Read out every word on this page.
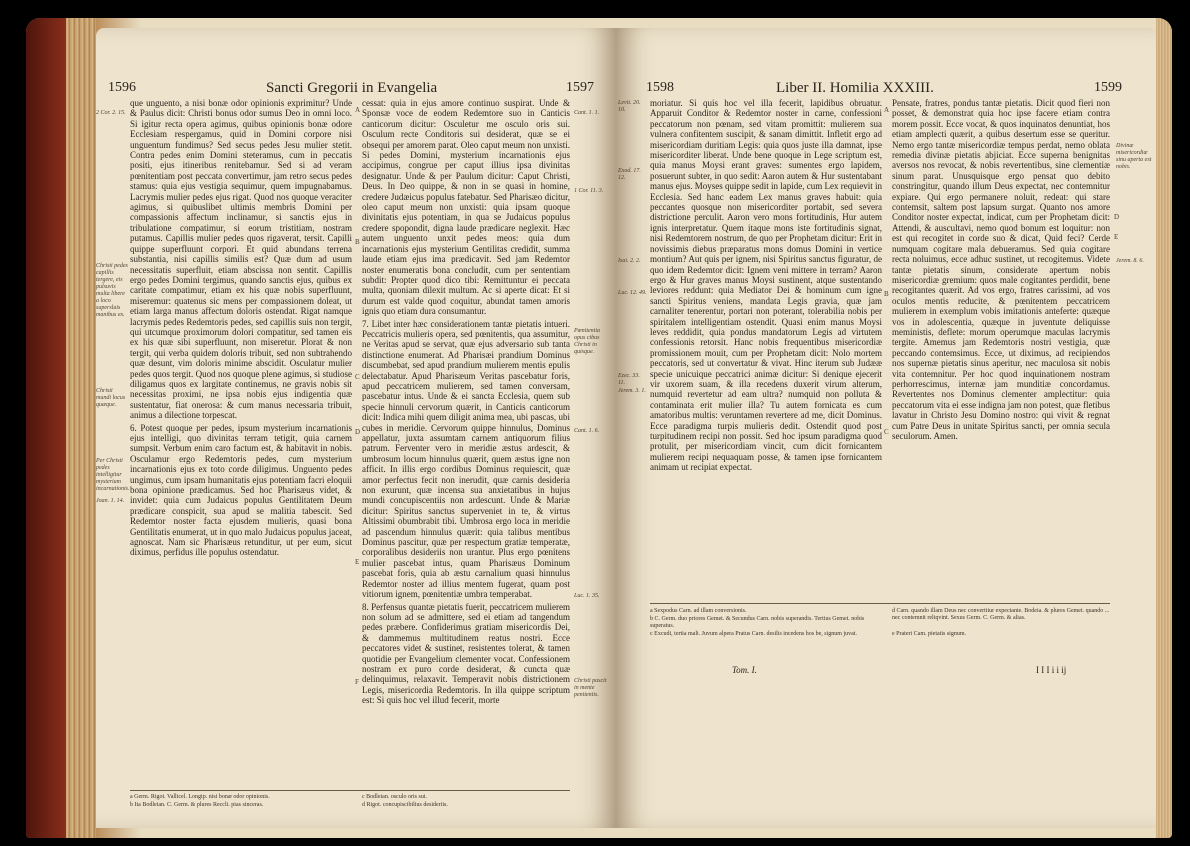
1596	Sancti Gregorii in Evangelia	1597
2 Cor. 2. 15.
Christi pedes capillis tergere, eis pulsuvis multa libere a loco supersluis manibus ex.
Christi mundi locus quæque.
Per Christi pedes intelligitur mysterium incarnationis.
Joan. 1. 14.

que unguento, a nisi bonæ odor opinionis exprimitur? Unde & Paulus dicit: Christi bonus odor sumus Deo in omni loco. Si igitur recta opera agimus, quibus opinionis bonæ odore Ecclesiam respergamus, quid in Domini corpore nisi unguentum fundimus? Sed secus pedes Jesu mulier stetit. Contra pedes enim Domini steteramus, cum in peccatis positi, ejus itineribus renitebamur. Sed si ad veram pœnitentiam post peccata convertimur, jam retro secus pedes stamus: quia ejus vestigia sequimur, quem impugnabamus. Lacrymis mulier pedes ejus rigat. Quod nos quoque veraciter agimus, si quibuslibet ultimis membris Domini per compassionis affectum inclinamur, si sanctis ejus in tribulatione compatimur, si eorum tristitiam, nostram putamus. Capillis mulier pedes quos rigaverat, tersit. Capilli quippe superfluunt corpori. Et quid abundans terrena substantia, nisi capillis similis est? Quæ dum ad usum necessitatis superfluit, etiam abscissa non sentit. Capillis ergo pedes Domini tergimus, quando sanctis ejus, quibus ex caritate compatimur, etiam ex his quæ nobis superfluunt, miseremur: quatenus sic mens per compassionem doleat, ut etiam larga manus affectum doloris ostendat. Rigat namque lacrymis pedes Redemtoris pedes, sed capillis suis non tergit, qui utcumque proximorum dolori compatitur, sed tamen eis ex his quæ sibi superfluunt, non miseretur. Plorat & non tergit, qui verba quidem doloris tribuit, sed non subtrahendo quæ desunt, vim doloris minime abscidit. Osculatur mulier pedes quos tergit. Quod nos quoque plene agimus, si studiose diligamus quos ex largitate continemus, ne gravis nobis sit necessitas proximi, ne ipsa nobis ejus indigentia quæ sustentatur, fiat onerosa: & cum manus necessaria tribuit, animus a dilectione torpescat.

6. Potest quoque per pedes, ipsum mysterium incarnationis ejus intelligi, quo divinitas terram tetigit, quia carnem sumpsit. Verbum enim caro factum est, & habitavit in nobis. Osculamur ergo Redemtoris pedes, cum mysterium incarnationis ejus ex toto corde diligimus. Unguento pedes ungimus, cum ipsam humanitatis ejus potentiam facri eloquii bona opinione prædicamus. Sed hoc Pharisæus videt, & invidet: quia cum Judaicus populus Gentilitatem Deum prædicare conspicit, sua apud se malitia tabescit. Sed Redemtor noster facta ejusdem mulieris, quasi bona Gentilitatis enumerat, ut in quo malo Judaicus populus jaceat, agnoscat. Nam sic Pharisæus retunditur, ut per eum, sicut diximus, perfidus ille populus ostendatur.

A
B
C
D
E
F

cessat: quia in ejus amore continuo suspirat. Unde & Sponsæ voce de eodem Redemtore suo in Canticis canticorum dicitur: Osculetur me osculo oris sui. Osculum recte Conditoris sui desiderat, quæ se ei obsequi per amorem parat. Oleo caput meum non unxisti. Si pedes Domini, mysterium incarnationis ejus accipimus, congrue per caput illius ipsa divinitas designatur. Unde & per Paulum dicitur: Caput Christi, Deus. In Deo quippe, & non in se quasi in homine, credere Judæicus populus fatebatur. Sed Pharisæo dicitur, oleo caput meum non unxisti: quia ipsam quoque divinitatis ejus potentiam, in qua se Judaicus populus credere spopondit, digna laude prædicare neglexit. Hæc autem unguento unxit pedes meos: quia dum incarnationis ejus mysterium Gentilitas credidit, summa laude etiam ejus ima prædicavit. Sed jam Redemtor noster enumeratis bona concludit, cum per sententiam subdit: Propter quod dico tibi: Remittuntur ei peccata multa, quoniam dilexit multum. Ac si aperte dicat: Et si durum est valde quod coquitur, abundat tamen amoris ignis quo etiam dura consumantur.

7. Libet inter hæc considerationem tantæ pietatis intueri. Peccatricis mulieris opera, sed pœnitentis, qua assumitur, ne Veritas apud se servat, quæ ejus adversario sub tanta distinctione enumerat. Ad Pharisæi prandium Dominus discumbebat, sed apud prandium mulierem mentis epulis delectabatur. Apud Pharisæum Veritas pascebatur foris, apud peccatricem mulierem, sed tamen conversam, pascebatur intus. Unde & ei sancta Ecclesia, quem sub specie hinnuli cervorum quærit, in Canticis canticorum dicit: Indica mihi quem diligit anima mea, ubi pascas, ubi cubes in meridie. Cervorum quippe hinnulus, Dominus appellatur, juxta assumtam carnem antiquorum filius patrum. Ferventer vero in meridie æstus ardescit, & umbrosum locum hinnulus quærit, quem æstus igne non afficit. In illis ergo cordibus Dominus requiescit, quæ amor perfectus fecit non inerudit, quæ carnis desideria non exurunt, quæ incensa sua anxietatibus in hujus mundi concupiscentiis non ardescunt. Unde & Mariæ dicitur: Spiritus sanctus superveniet in te, & virtus Altissimi obumbrabit tibi. Umbrosa ergo loca in meridie ad pascendum hinnulus quærit: quia talibus mentibus Dominus pascitur, quæ per respectum gratiæ temperatæ, corporalibus desideriis non urantur. Plus ergo pœnitens mulier pascebat intus, quam Pharisæus Dominum pascebat foris, quia ab æstu carnalium quasi hinnulus Redemtor noster ad illius mentem fugerat, quam post vitiorum ignem, pœnitentiæ umbra temperabat.

8. Perfensus quantæ pietatis fuerit, peccatricem mulierem non solum ad se admittere, sed ei etiam ad tangendum pedes præbere. Confiderimus gratiam misericordis Dei, & dammemus multitudinem reatus nostri. Ecce peccatores videt & sustinet, resistentes tolerat, & tamen quotidie per Evangelium clementer vocat. Confessionem nostram ex puro corde desiderat, & cuncta quæ delinquimus, relaxavit. Temperavit nobis districtionem Legis, misericordia Redemtoris. In illa quippe scriptum est: Si quis hoc vel illud fecerit, morte

Cant. 1. 1.
1 Cor. 11. 3.
Pœnitentia opus cibus Christi in quisque.
Cant. 1. 6.
Luc. 1. 35.
Christi pascit in mente penitentis.
a Germ. Rigot. Vallicel. Longip. nisi bonæ odor opinionis.
b Ita Bodleian. C. Germ. & plures Reccli. pias sinceras.
c Bodleian. osculo oris sui.
d Rigot. concupiscibilius desideriis.
1598	Liber II. Homilia XXXIII.	1599
Levit. 20. 10.
Exod. 17. 12.
Isai. 2. 2.
Luc. 12. 49.
Ezec. 33. 11.
Jerem. 3. 1.

moriatur. Si quis hoc vel illa fecerit, lapidibus obruatur. Apparuit Conditor & Redemtor noster in carne, confessioni peccatorum non pœnam, sed vitam promittit: mulierem sua vulnera confitentem suscipit, & sanam dimittit. Infletit ergo ad misericordiam duritiam Legis: quia quos juste illa damnat, ipse misericorditer liberat. Unde bene quoque in Lege scriptum est, quia manus Moysi erant graves: sumentes ergo lapidem, posuerunt subter, in quo sedit: Aaron autem & Hur sustentabant manus ejus. Moyses quippe sedit in lapide, cum Lex requievit in Ecclesia. Sed hanc eadem Lex manus graves habuit: quia peccantes quosque non misericorditer portabit, sed severa districtione perculit. Aaron vero mons fortitudinis, Hur autem ignis interpretatur. Quem itaque mons iste fortitudinis signat, nisi Redemtorem nostrum, de quo per Prophetam dicitur: Erit in novissimis diebus præparatus mons domus Domini in vertice montium? Aut quis per ignem, nisi Spiritus sanctus figuratur, de quo idem Redemtor dicit: Ignem veni mittere in terram? Aaron ergo & Hur graves manus Moysi sustinent, atque sustentando leviores reddunt: quia Mediator Dei & hominum cum igne sancti Spiritus veniens, mandata Legis gravia, quæ jam carnaliter tenerentur, portari non poterant, tolerabilia nobis per spiritalem intelligentiam ostendit. Quasi enim manus Moysi leves reddidit, quia pondus mandatorum Legis ad virtutem confessionis retorsit. Hanc nobis frequentibus misericordiæ promissionem mouit, cum per Prophetam dicit: Nolo mortem peccatoris, sed ut convertatur & vivat. Hinc iterum sub Judææ specie unicuique peccatrici animæ dicitur: Si denique ejecerit vir uxorem suam, & illa recedens duxerit virum alterum, numquid revertetur ad eam ultra? numquid non polluta & contaminata erit mulier illa? Tu autem fornicata es cum amatoribus multis: veruntamen revertere ad me, dicit Dominus. Ecce paradigma turpis mulieris dedit. Ostendit quod post turpitudinem recipi non possit. Sed hoc ipsum paradigma quod protulit, per misericordiam vincit, cum dicit fornicantem mulierem recipi nequaquam posse, & tamen ipse fornicantem animam ut recipiat expectat.

A
B
C
D
E

Pensate, fratres, pondus tantæ pietatis. Dicit quod fieri non posset, & demonstrat quia hoc ipse facere etiam contra morem possit. Ecce vocat, & quos inquinatos denuntiat, hos etiam amplecti quærit, a quibus desertum esse se queritur. Nemo ergo tantæ misericordiæ tempus perdat, nemo oblata remedia divinæ pietatis abjiciat. Ecce superna benignitas aversos nos revocat, & nobis revertentibus, sine clementiæ sinum parat. Unusquisque ergo pensat quo debito constringitur, quando illum Deus expectat, nec contemnitur expiare. Qui ergo permanere noluit, redeat: qui stare contemsit, saltem post lapsum surgat. Quanto nos amore Conditor noster expectat, indicat, cum per Prophetam dicit: Attendi, & auscultavi, nemo quod bonum est loquitur: non est qui recogitet in corde suo & dicat, Quid feci? Cerde numquam cogitare mala debueramus. Sed quia cogitare recta noluimus, ecce adhuc sustinet, ut recogitemus. Videte tantæ pietatis sinum, considerate apertum nobis misericordiæ gremium: quos male cogitantes perdidit, bene recogitantes quærit. Ad vos ergo, fratres carissimi, ad vos oculos mentis reducite, & pœnitentem peccatricem mulierem in exemplum vobis imitationis anteferte: quæque vos in adolescentia, quæque in juventute deliquisse meministis, deflete: morum operumque maculas lacrymis tergite. Amemus jam Redemtoris nostri vestigia, quæ peccando contemsimus. Ecce, ut diximus, ad recipiendos nos supernæ pietatis sinus aperitur, nec maculosa sit nobis vita contemnitur. Per hoc quod inquinationem nostram perhorrescimus, internæ jam munditiæ concordamus. Revertentes nos Dominus clementer amplectitur: quia peccatorum vita ei esse indigna jam non potest, quæ fletibus lavatur in Christo Jesu Domino nostro: qui vivit & regnat cum Patre Deus in unitate Spiritus sancti, per omnia secula seculorum. Amen.

Divinæ misericordiæ sinu aperta est nobis.
Jerem. 8. 6.
a Sexpodus Carn. ad illam conversionis.
b C. Germ. duo priores Gemet. & Secundus Carn. nobis superandis. Tertius Gemet. nobis superatus.
c Excudi, tertia mali. Juvum alpera Pratus Carn. desilis incedens hos be, signum juvat.
d Carn. quando illam Deus nec convertitur expectante. Bodeia. & plures Gemet. quando ... nec contemnit reliqvint. Sexus Germ. C. Germ. & alias.
e Prateri Cam. pietatis signum.
Tom. I.	I I I i i ij
